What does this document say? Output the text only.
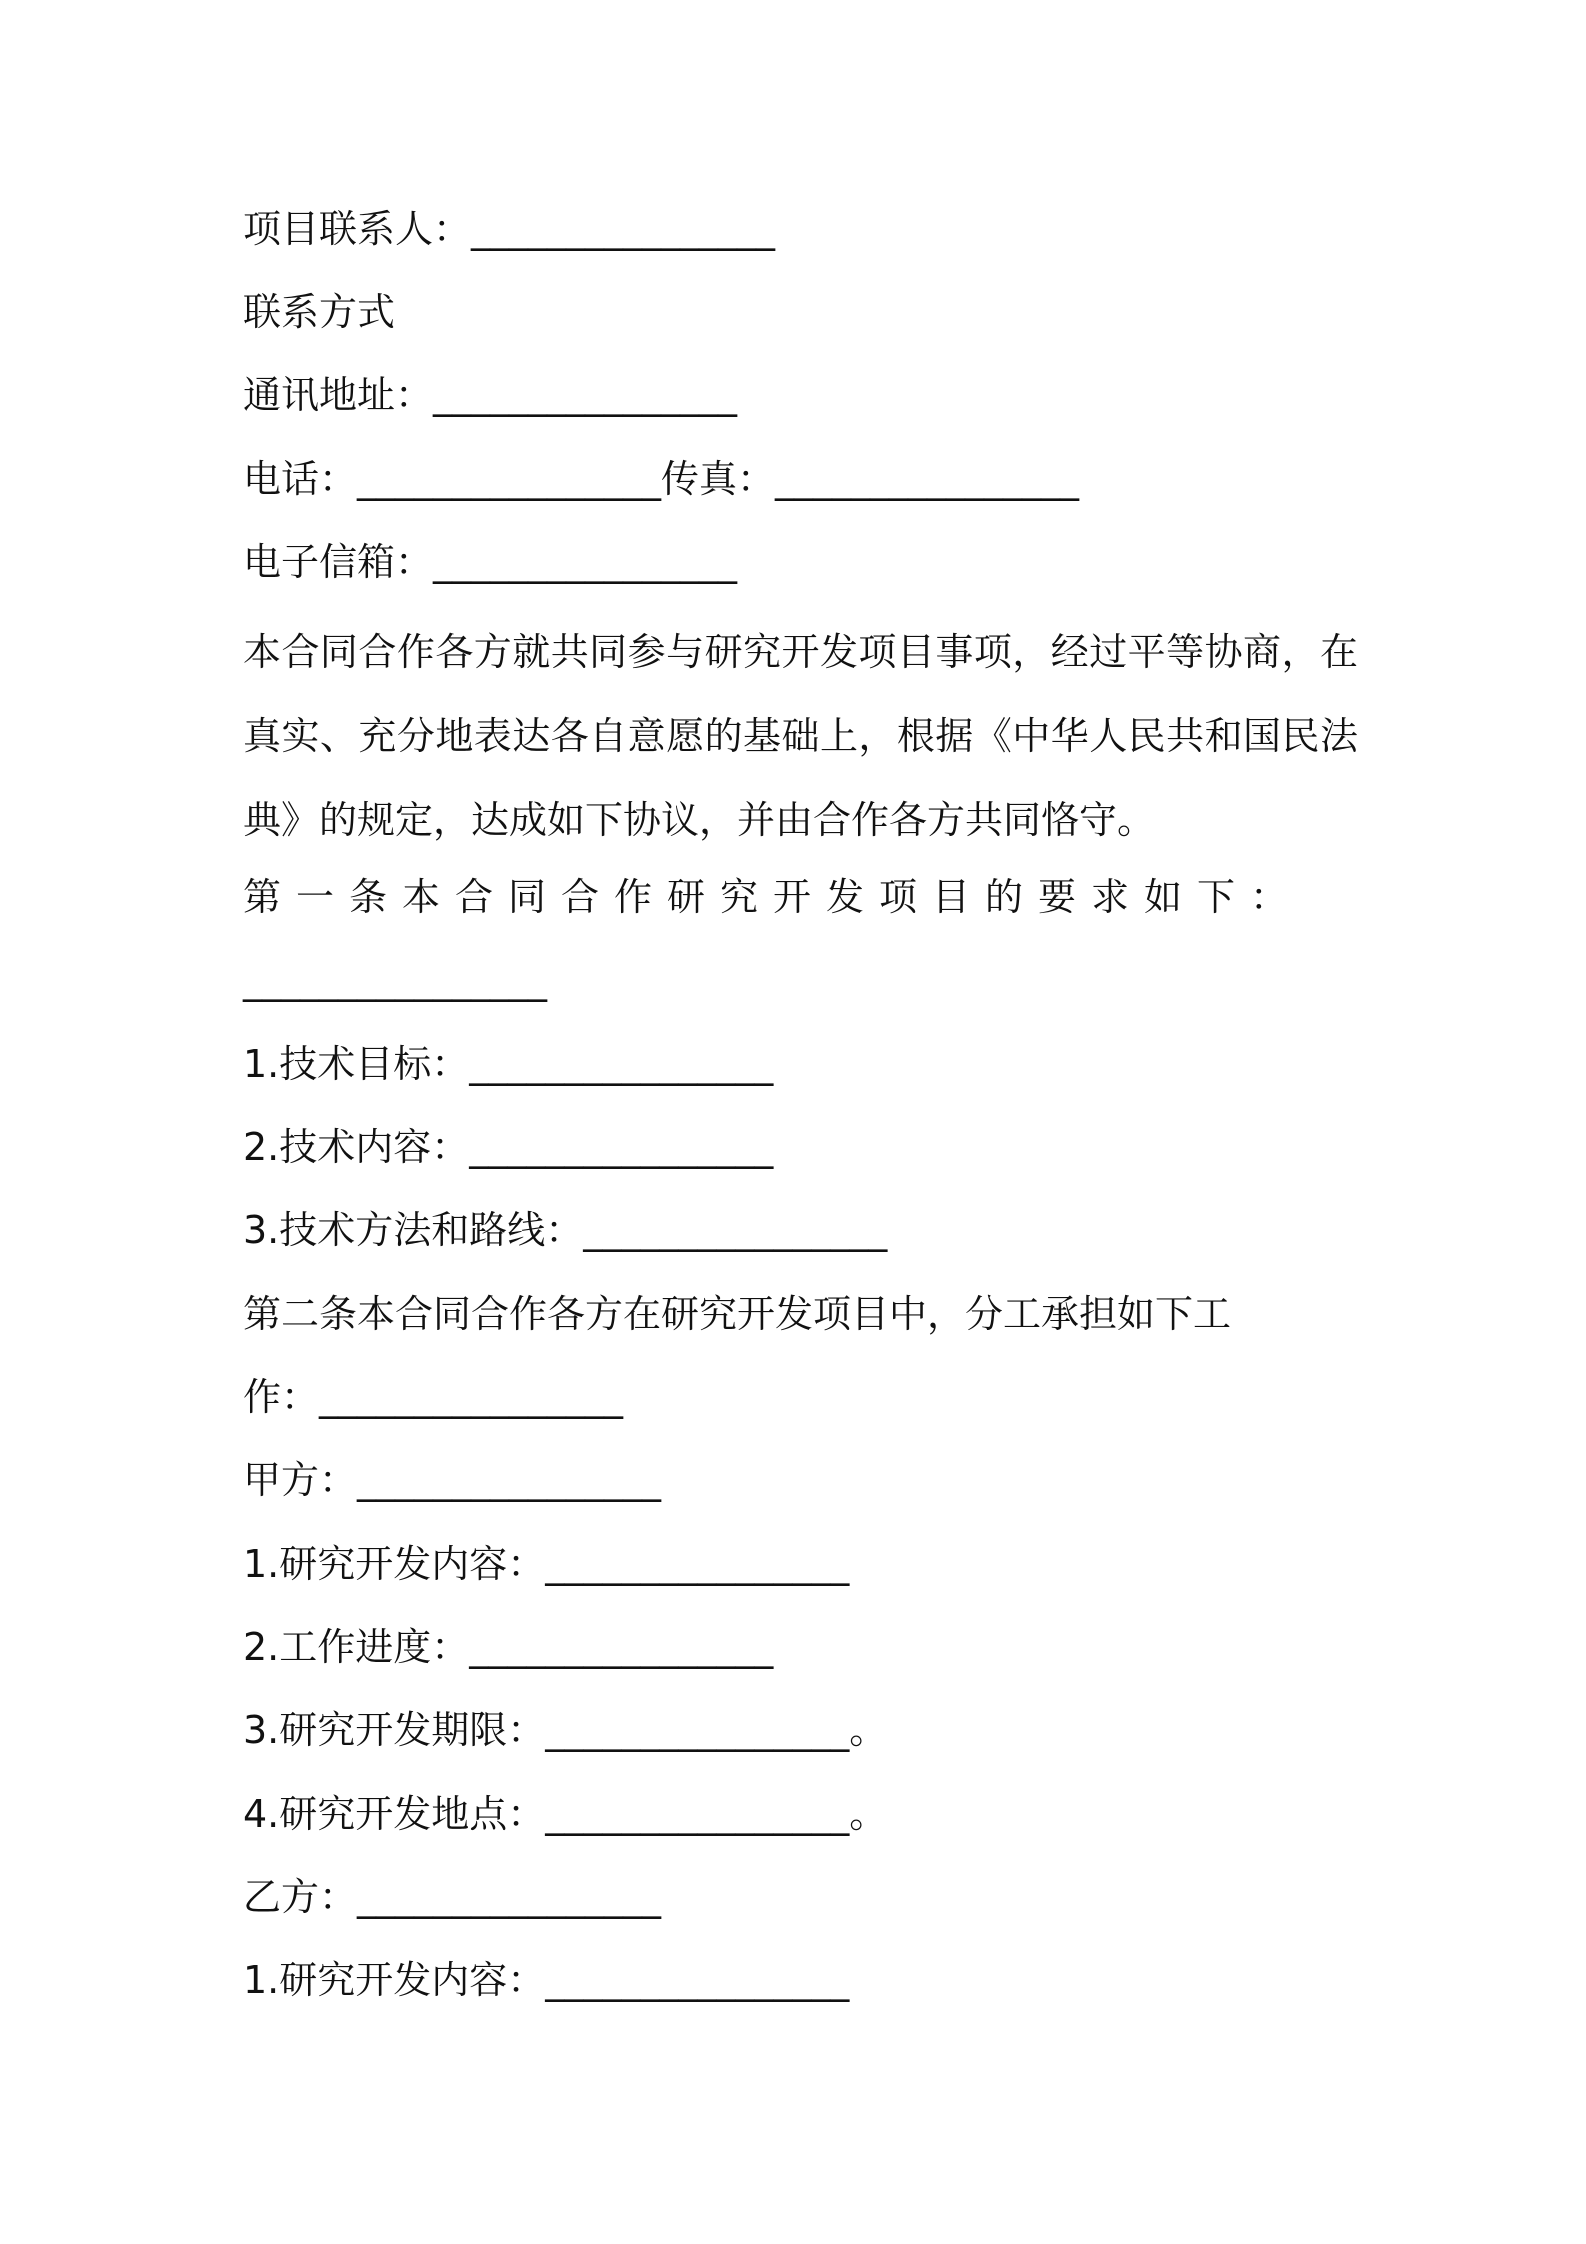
项目联系人：________________

联系方式

通讯地址：________________

电话：________________传真：________________

电子信箱：________________

本合同合作各方就共同参与研究开发项目事项，经过平等协商，在真实、充分地表达各自意愿的基础上，根据《中华人民共和国民法典》的规定，达成如下协议，并由合作各方共同恪守。

第一条本合同合作研究开发项目的要求如下：

________________

1.技术目标：________________

2.技术内容：________________

3.技术方法和路线：________________

第二条本合同合作各方在研究开发项目中，分工承担如下工

作：________________

甲方：________________

1.研究开发内容：________________

2.工作进度：________________

3.研究开发期限：________________。

4.研究开发地点：________________。

乙方：________________

1.研究开发内容：________________
